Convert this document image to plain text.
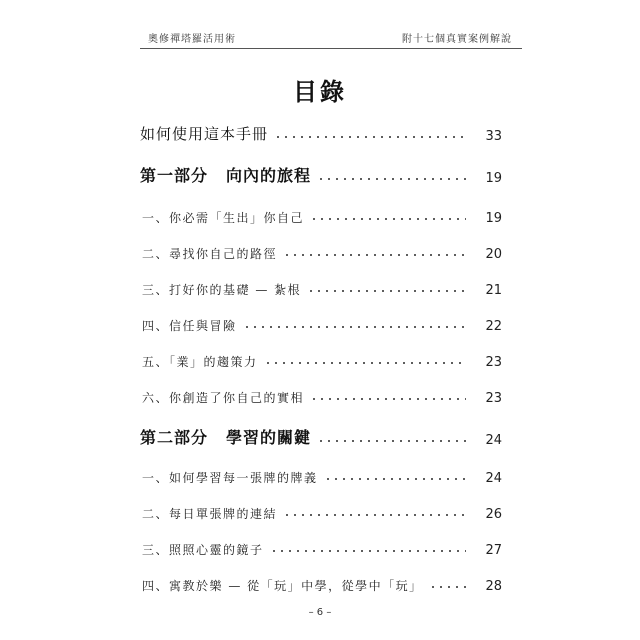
奧修禪塔羅活用術	附十七個真實案例解說
目錄
如何使用這本手冊	33
第一部分 向內的旅程	19
一、你必需「生出」你自己	19
二、尋找你自己的路徑	20
三、打好你的基礎 — 紮根	21
四、信任與冒險	22
五、「業」的趨策力	23
六、你創造了你自己的實相	23
第二部分 學習的關鍵	24
一、如何學習每一張牌的牌義	24
二、每日單張牌的連結	26
三、照照心靈的鏡子	27
四、寓教於樂 — 從「玩」中學，從學中「玩」	28
– 6 –
